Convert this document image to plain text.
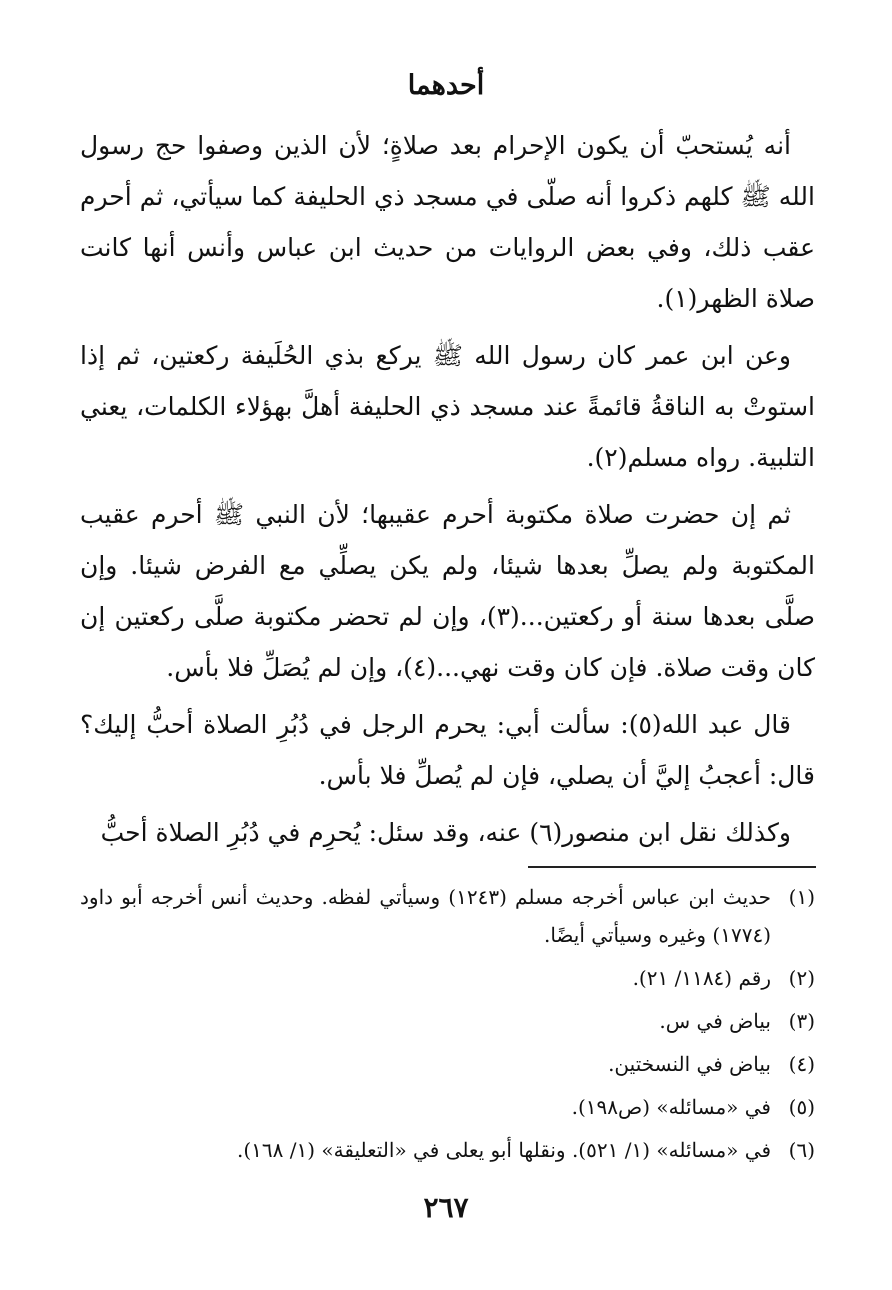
أحدهما

أنه يُستحبّ أن يكون الإحرام بعد صلاةٍ؛ لأن الذين وصفوا حج رسول الله ﷺ كلهم ذكروا أنه صلّى في مسجد ذي الحليفة كما سيأتي، ثم أحرم عقب ذلك، وفي بعض الروايات من حديث ابن عباس وأنس أنها كانت صلاة الظهر(١).

وعن ابن عمر كان رسول الله ﷺ يركع بذي الحُلَيفة ركعتين، ثم إذا استوتْ به الناقةُ قائمةً عند مسجد ذي الحليفة أهلَّ بهؤلاء الكلمات، يعني التلبية. رواه مسلم(٢).

ثم إن حضرت صلاة مكتوبة أحرم عقيبها؛ لأن النبي ﷺ أحرم عقيب المكتوبة ولم يصلِّ بعدها شيئا، ولم يكن يصلِّي مع الفرض شيئا. وإن صلَّى بعدها سنة أو ركعتين...(٣)، وإن لم تحضر مكتوبة صلَّى ركعتين إن كان وقت صلاة. فإن كان وقت نهي...(٤)، وإن لم يُصَلِّ فلا بأس.

قال عبد الله(٥): سألت أبي: يحرم الرجل في دُبُرِ الصلاة أحبُّ إليك؟ قال: أعجبُ إليَّ أن يصلي، فإن لم يُصلِّ فلا بأس.

وكذلك نقل ابن منصور(٦) عنه، وقد سئل: يُحرِم في دُبُرِ الصلاة أحبُّ

(١)
حديث ابن عباس أخرجه مسلم (١٢٤٣) وسيأتي لفظه. وحديث أنس أخرجه أبو داود (١٧٧٤) وغيره وسيأتي أيضًا.
(٢)
رقم (١١٨٤/ ٢١).
(٣)
بياض في س.
(٤)
بياض في النسختين.
(٥)
في «مسائله» (ص١٩٨).
(٦)
في «مسائله» (١/ ٥٢١). ونقلها أبو يعلى في «التعليقة» (١/ ١٦٨).
٢٦٧
